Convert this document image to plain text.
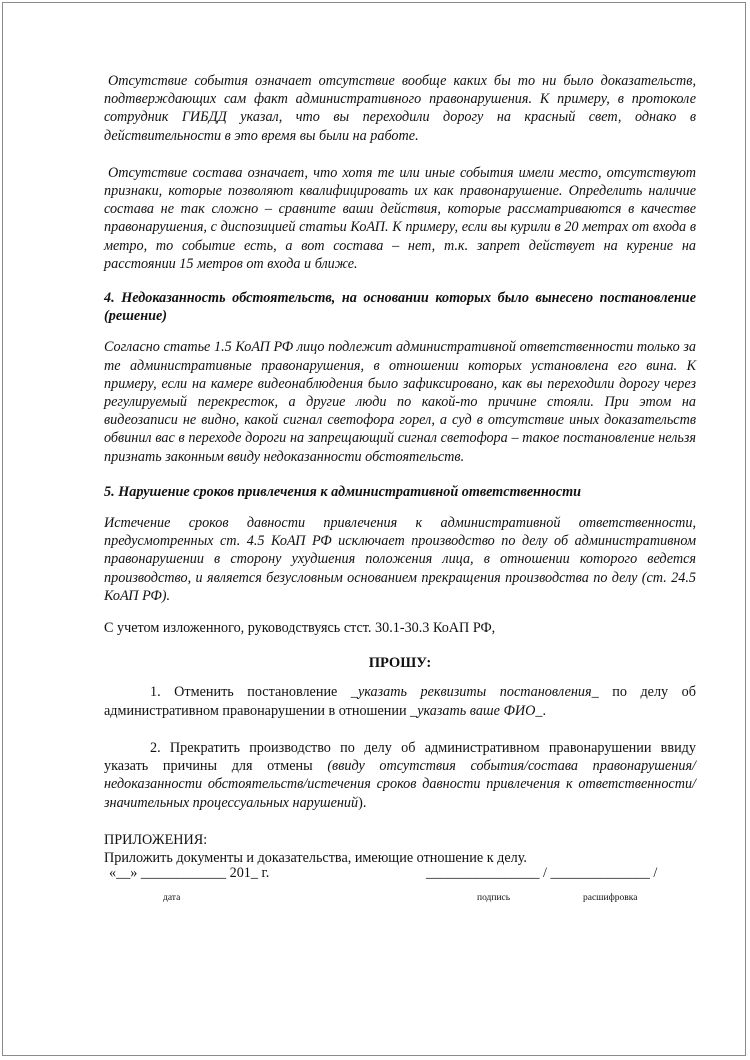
Отсутствие события означает отсутствие вообще каких бы то ни было доказательств, подтверждающих сам факт административного правонарушения. К примеру, в протоколе сотрудник ГИБДД указал, что вы переходили дорогу на красный свет, однако в действительности в это время вы были на работе.

Отсутствие состава означает, что хотя те или иные события имели место, отсутствуют признаки, которые позволяют квалифицировать их как правонарушение. Определить наличие состава не так сложно – сравните ваши действия, которые рассматриваются в качестве правонарушения, с диспозицией статьи КоАП. К примеру, если вы курили в 20 метрах от входа в метро, то событие есть, а вот состава – нет, т.к. запрет действует на курение на расстоянии 15 метров от входа и ближе.

4. Недоказанность обстоятельств, на основании которых было вынесено постановление (решение)

Согласно статье 1.5 КоАП РФ лицо подлежит административной ответственности только за те административные правонарушения, в отношении которых установлена его вина. К примеру, если на камере видеонаблюдения было зафиксировано, как вы переходили дорогу через регулируемый перекресток, а другие люди по какой-то причине стояли. При этом на видеозаписи не видно, какой сигнал светофора горел, а суд в отсутствие иных доказательств обвинил вас в переходе дороги на запрещающий сигнал светофора – такое постановление нельзя признать законным ввиду недоказанности обстоятельств.

5. Нарушение сроков привлечения к административной ответственности

Истечение сроков давности привлечения к административной ответственности, предусмотренных ст. 4.5 КоАП РФ исключает производство по делу об административном правонарушении в сторону ухудшения положения лица, в отношении которого ведется производство, и является безусловным основанием прекращения производства по делу (ст. 24.5 КоАП РФ).

С учетом изложенного, руководствуясь стст. 30.1-30.3 КоАП РФ,

ПРОШУ:

1. Отменить постановление _указать реквизиты постановления_ по делу об административном правонарушении в отношении _указать ваше ФИО_.

2. Прекратить производство по делу об административном правонарушении ввиду указать причины для отмены (ввиду отсутствия события/состава правонарушения/недоказанности обстоятельств/истечения сроков давности привлечения к ответственности/значительных процессуальных нарушений).

ПРИЛОЖЕНИЯ:

Приложить документы и доказательства, имеющие отношение к делу.

«__» ____________ 201_ г.	________________ / ______________ /
дата	подпись	расшифровка
